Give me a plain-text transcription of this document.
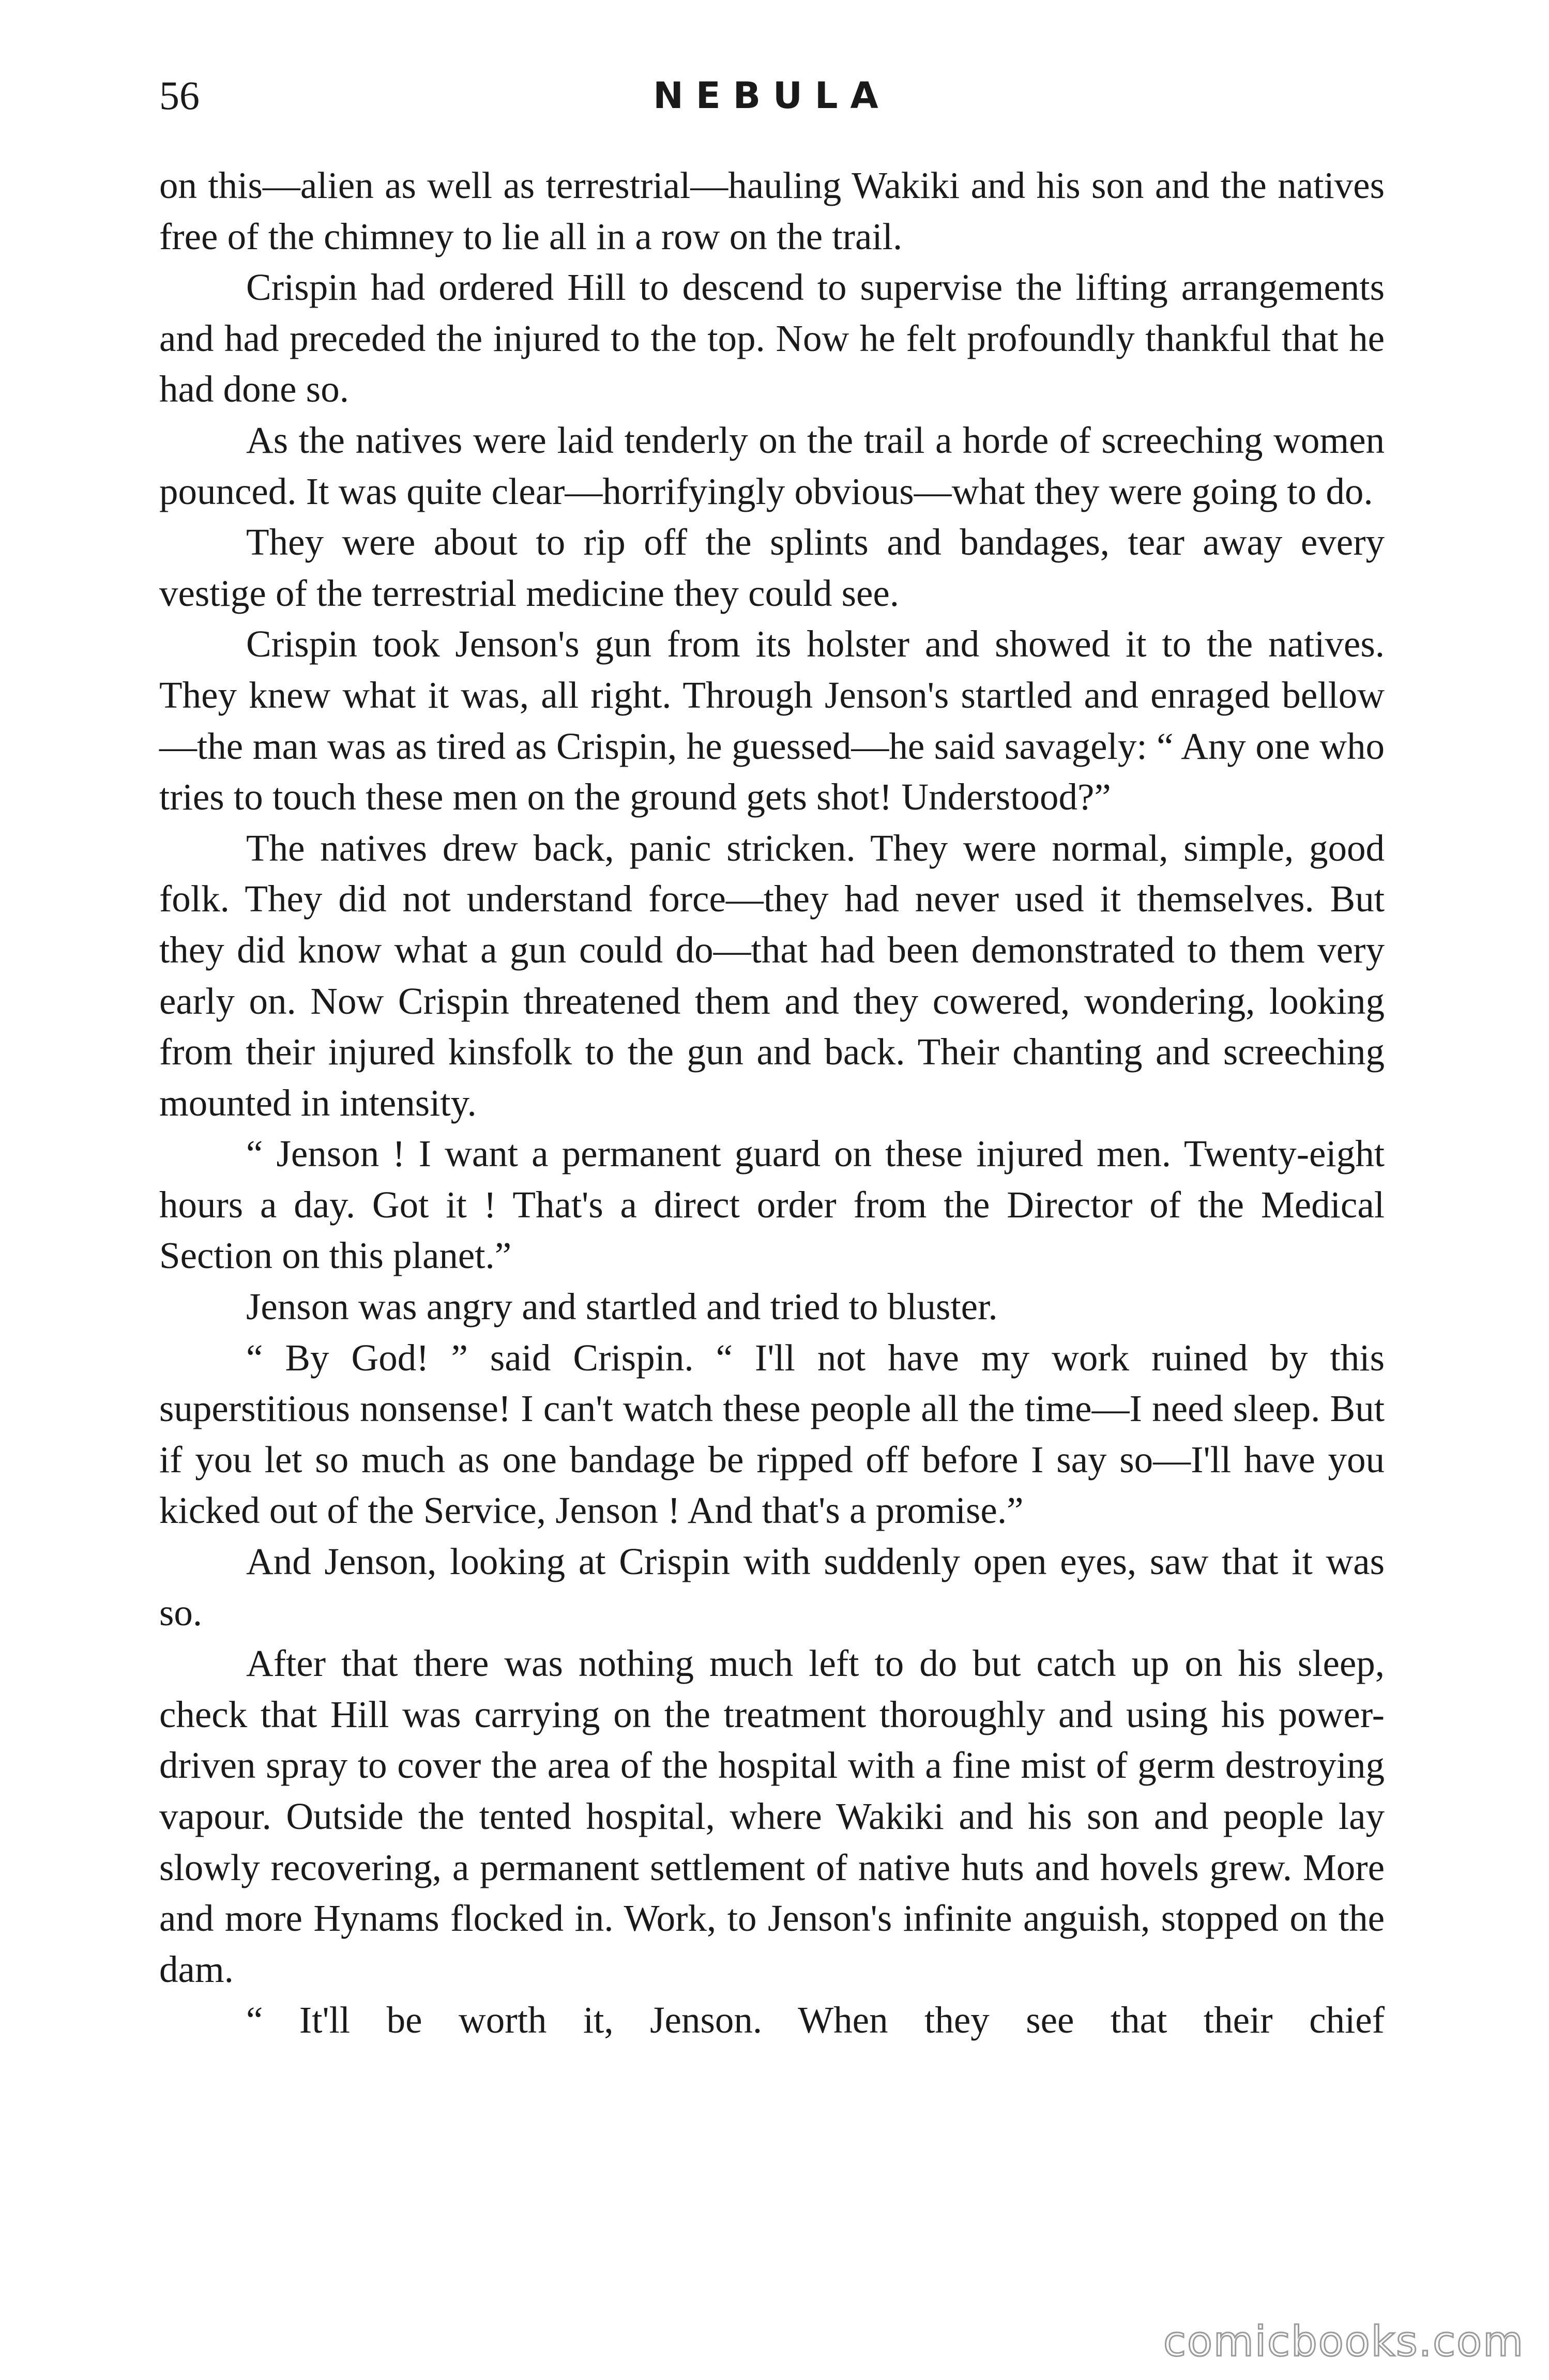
56	NEBULA

on this—alien as well as terrestrial—hauling Wakiki and his son and the natives free of the chimney to lie all in a row on the trail.

Crispin had ordered Hill to descend to supervise the lifting arrangements and had preceded the injured to the top. Now he felt profoundly thankful that he had done so.

As the natives were laid tenderly on the trail a horde of screeching women pounced. It was quite clear—horrifyingly obvious—what they were going to do.

They were about to rip off the splints and bandages, tear away every vestige of the terrestrial medicine they could see.

Crispin took Jenson's gun from its holster and showed it to the natives. They knew what it was, all right. Through Jenson's startled and enraged bellow—the man was as tired as Crispin, he guessed—he said savagely: “ Any one who tries to touch these men on the ground gets shot! Understood?”

The natives drew back, panic stricken. They were normal, simple, good folk. They did not understand force—they had never used it themselves. But they did know what a gun could do—that had been demonstrated to them very early on. Now Crispin threatened them and they cowered, wondering, looking from their injured kinsfolk to the gun and back. Their chanting and screeching mounted in intensity.

“ Jenson ! I want a permanent guard on these injured men. Twenty-eight hours a day. Got it ! That's a direct order from the Director of the Medical Section on this planet.”

Jenson was angry and startled and tried to bluster.

“ By God! ” said Crispin. “ I'll not have my work ruined by this superstitious nonsense! I can't watch these people all the time—I need sleep. But if you let so much as one bandage be ripped off before I say so—I'll have you kicked out of the Service, Jenson ! And that's a promise.”

And Jenson, looking at Crispin with suddenly open eyes, saw that it was so.

After that there was nothing much left to do but catch up on his sleep, check that Hill was carrying on the treatment thoroughly and using his power-driven spray to cover the area of the hospital with a fine mist of germ destroying vapour. Outside the tented hospital, where Wakiki and his son and people lay slowly recovering, a permanent settlement of native huts and hovels grew. More and more Hynams flocked in. Work, to Jenson's infinite anguish, stopped on the dam.

“ It'll be worth it, Jenson. When they see that their chief

comicbooks.com
